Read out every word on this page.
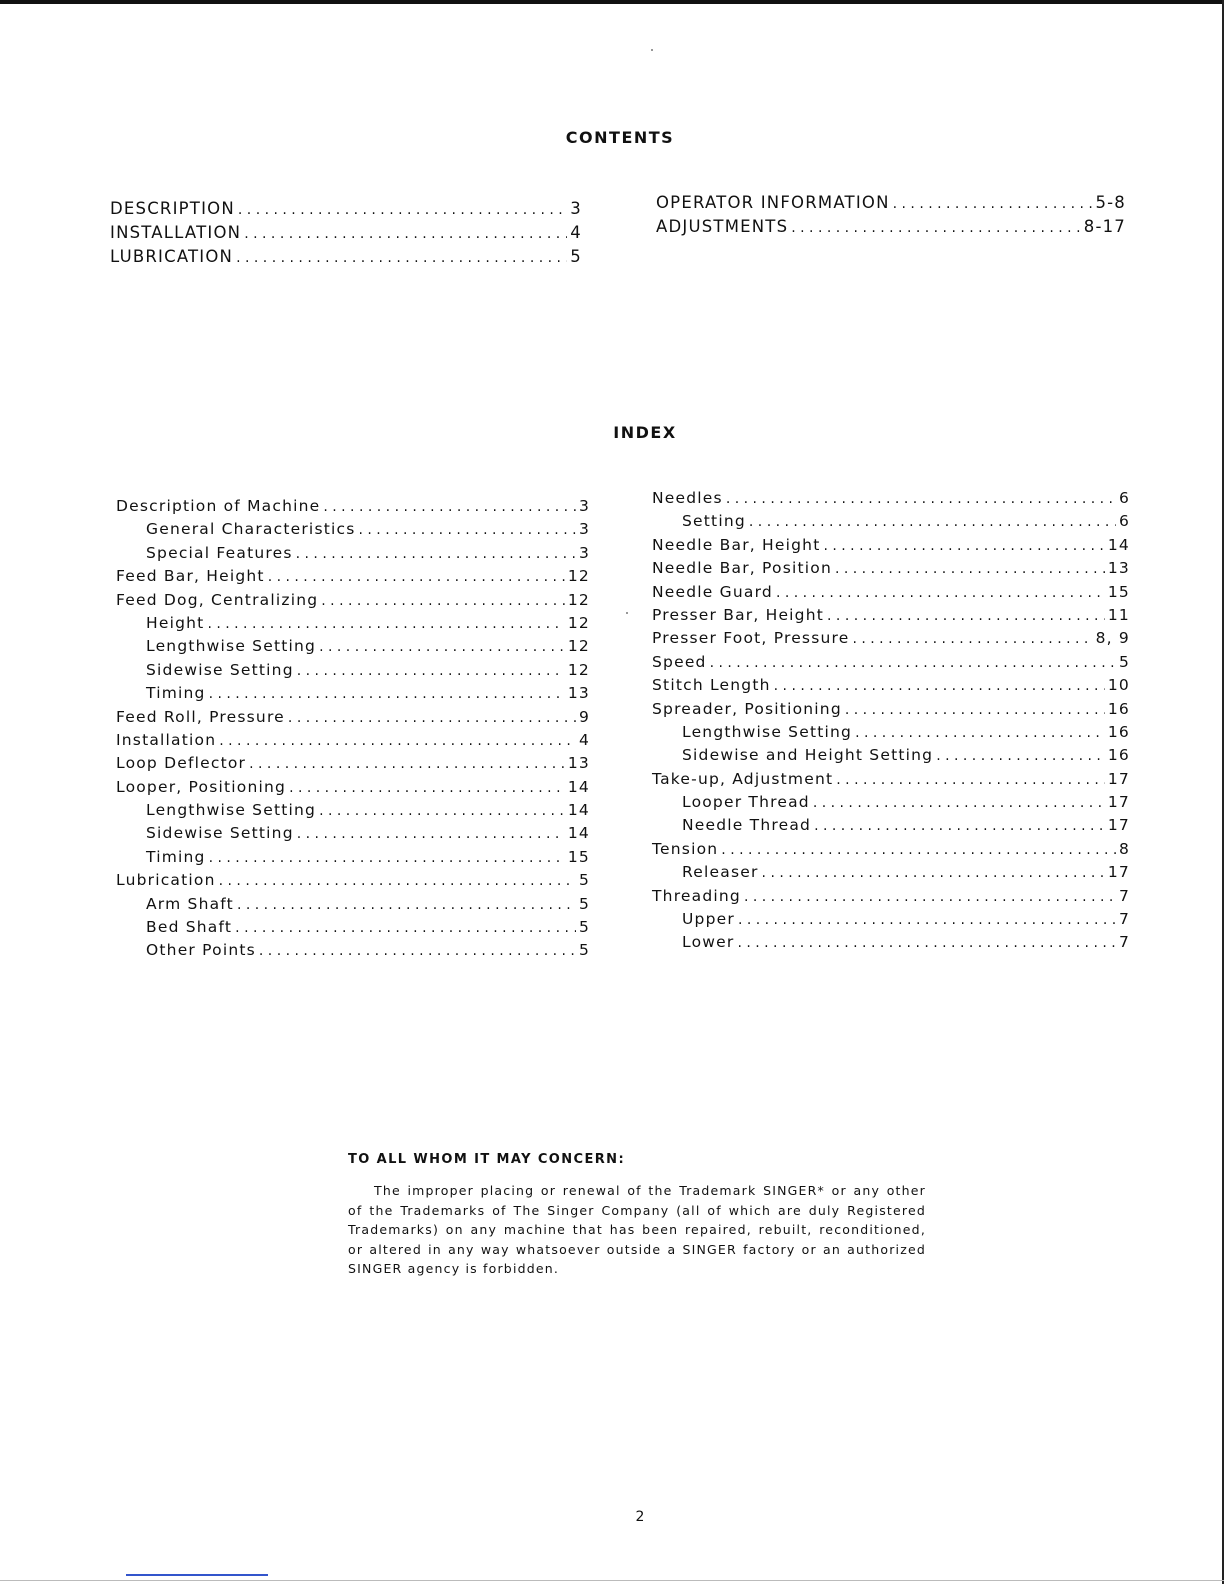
CONTENTS
DESCRIPTION . . .	3
INSTALLATION . . .	4
LUBRICATION . . .	5
OPERATOR INFORMATION . . .	5-8
ADJUSTMENTS . . .	8-17
INDEX
Description of Machine . . .	3
General Characteristics . . .	3
Special Features . . .	3
Feed Bar, Height . . .	12
Feed Dog, Centralizing . . .	12
Height . . .	12
Lengthwise Setting . . .	12
Sidewise Setting . . .	12
Timing . . .	13
Feed Roll, Pressure . . .	9
Installation . . .	4
Loop Deflector . . .	13
Looper, Positioning . . .	14
Lengthwise Setting . . .	14
Sidewise Setting . . .	14
Timing . . .	15
Lubrication . . .	5
Arm Shaft . . .	5
Bed Shaft . . .	5
Other Points . . .	5
Needles . . .	6
Setting . . .	6
Needle Bar, Height . . .	14
Needle Bar, Position . . .	13
Needle Guard . . .	15
Presser Bar, Height . . .	11
Presser Foot, Pressure . . .	8, 9
Speed . . .	5
Stitch Length . . .	10
Spreader, Positioning . . .	16
Lengthwise Setting . . .	16
Sidewise and Height Setting . . .	16
Take-up, Adjustment . . .	17
Looper Thread . . .	17
Needle Thread . . .	17
Tension . . .	8
Releaser . . .	17
Threading . . .	7
Upper . . .	7
Lower . . .	7
TO ALL WHOM IT MAY CONCERN:
The improper placing or renewal of the Trademark SINGER* or any other of the Trademarks of The Singer Company (all of which are duly Registered Trademarks) on any machine that has been repaired, rebuilt, reconditioned, or altered in any way whatsoever outside a SINGER factory or an authorized SINGER agency is forbidden.
2
